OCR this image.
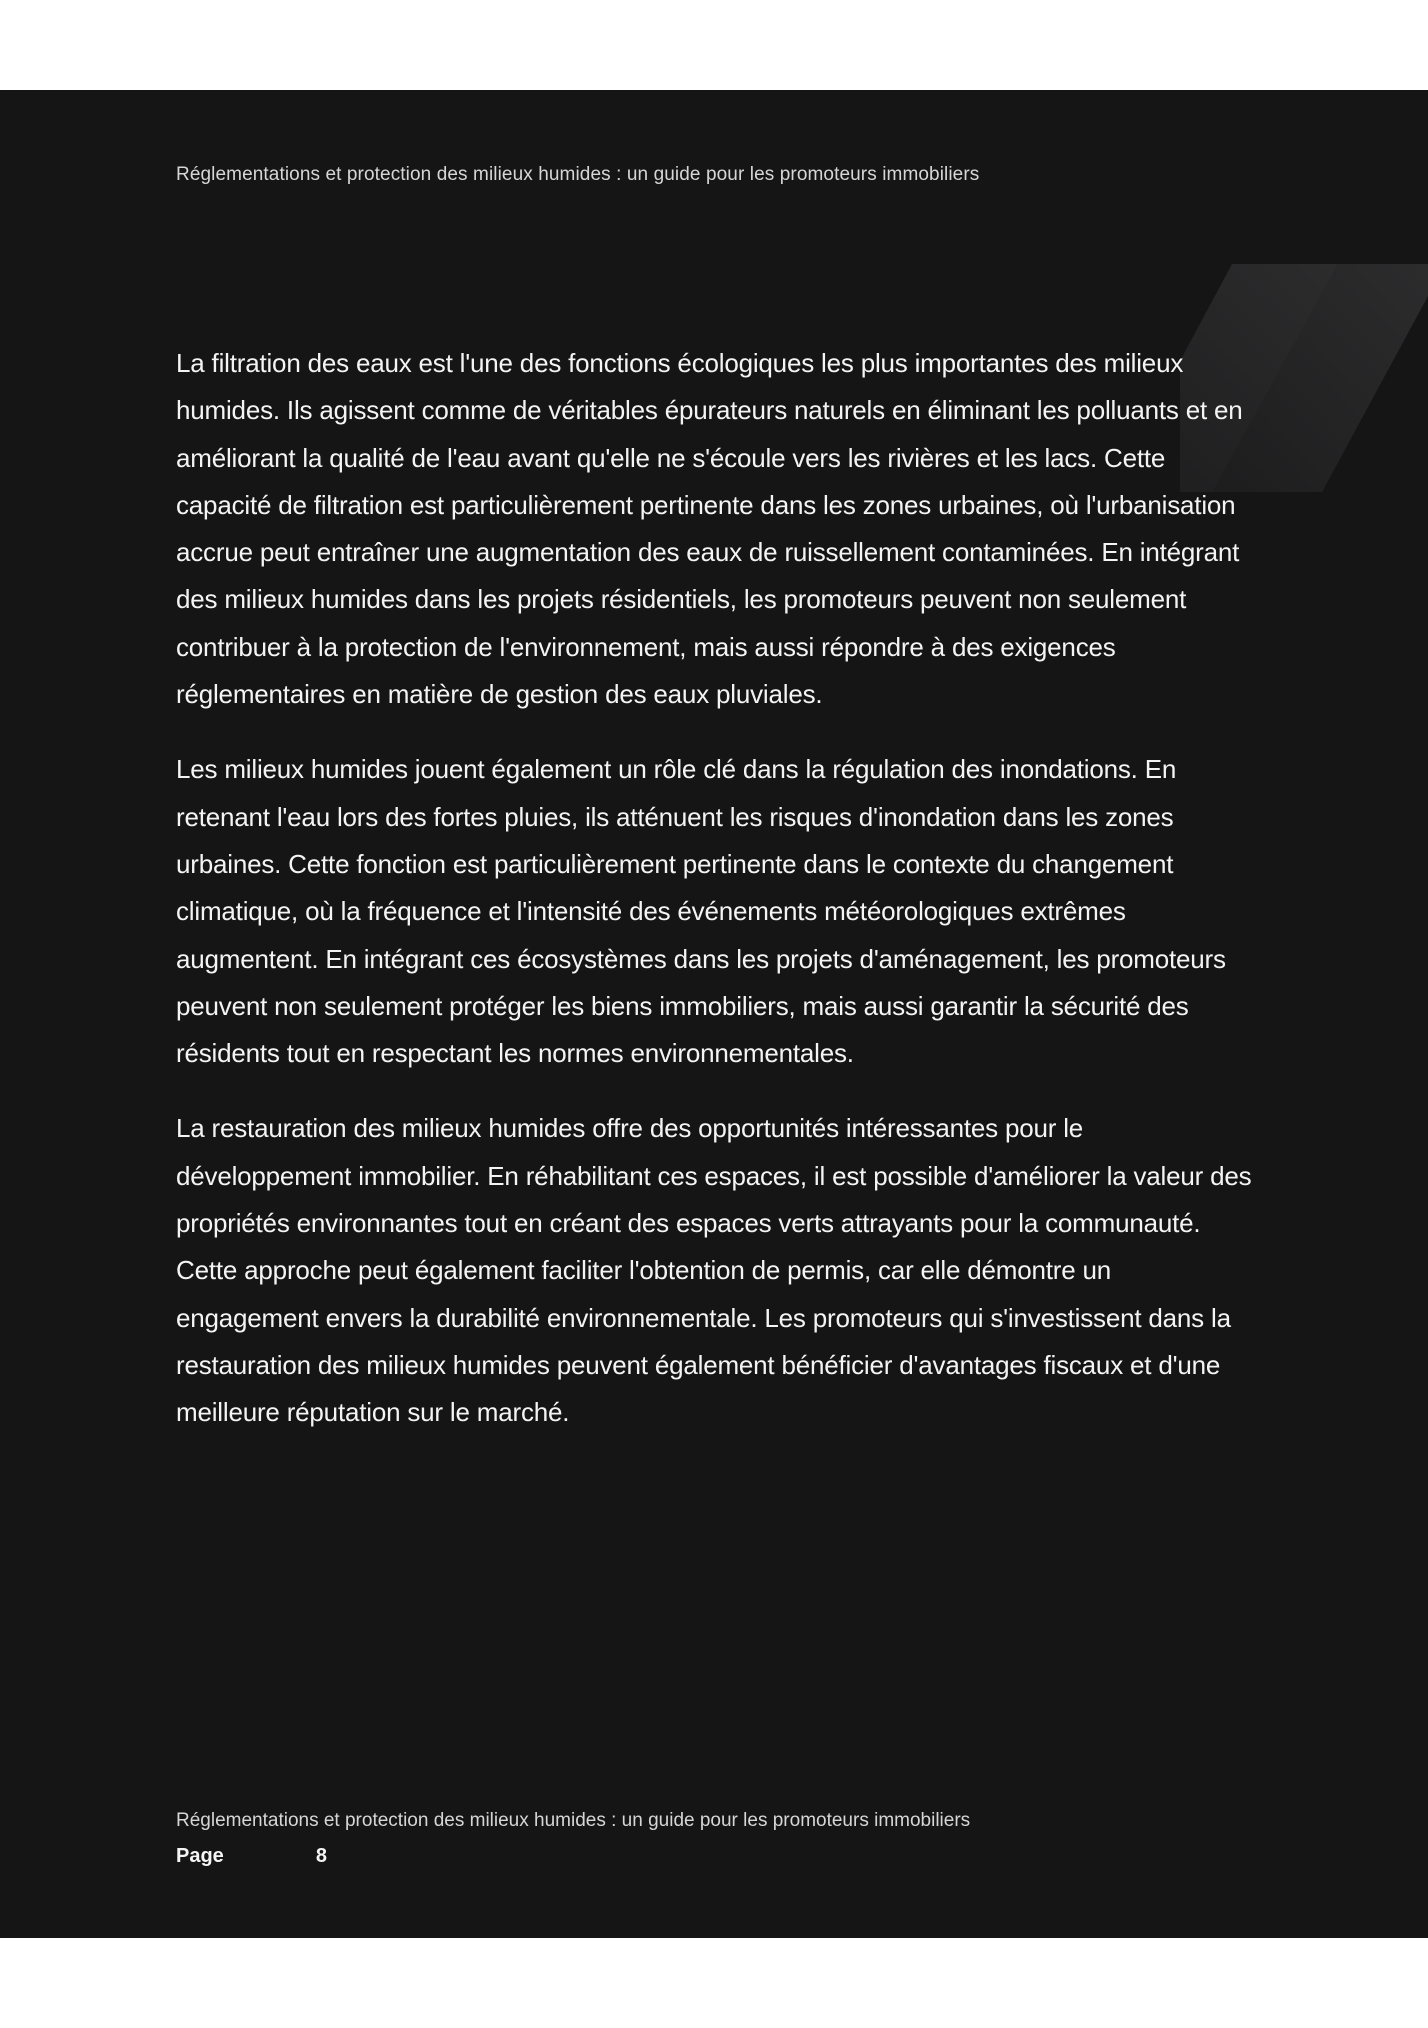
Réglementations et protection des milieux humides : un guide pour les promoteurs immobiliers

La filtration des eaux est l'une des fonctions écologiques les plus importantes des milieux humides. Ils agissent comme de véritables épurateurs naturels en éliminant les polluants et en améliorant la qualité de l'eau avant qu'elle ne s'écoule vers les rivières et les lacs. Cette capacité de filtration est particulièrement pertinente dans les zones urbaines, où l'urbanisation accrue peut entraîner une augmentation des eaux de ruissellement contaminées. En intégrant des milieux humides dans les projets résidentiels, les promoteurs peuvent non seulement contribuer à la protection de l'environnement, mais aussi répondre à des exigences réglementaires en matière de gestion des eaux pluviales.

Les milieux humides jouent également un rôle clé dans la régulation des inondations. En retenant l'eau lors des fortes pluies, ils atténuent les risques d'inondation dans les zones urbaines. Cette fonction est particulièrement pertinente dans le contexte du changement climatique, où la fréquence et l'intensité des événements météorologiques extrêmes augmentent. En intégrant ces écosystèmes dans les projets d'aménagement, les promoteurs peuvent non seulement protéger les biens immobiliers, mais aussi garantir la sécurité des résidents tout en respectant les normes environnementales.

La restauration des milieux humides offre des opportunités intéressantes pour le développement immobilier. En réhabilitant ces espaces, il est possible d'améliorer la valeur des propriétés environnantes tout en créant des espaces verts attrayants pour la communauté. Cette approche peut également faciliter l'obtention de permis, car elle démontre un engagement envers la durabilité environnementale. Les promoteurs qui s'investissent dans la restauration des milieux humides peuvent également bénéficier d'avantages fiscaux et d'une meilleure réputation sur le marché.

Réglementations et protection des milieux humides : un guide pour les promoteurs immobiliers
Page	8
